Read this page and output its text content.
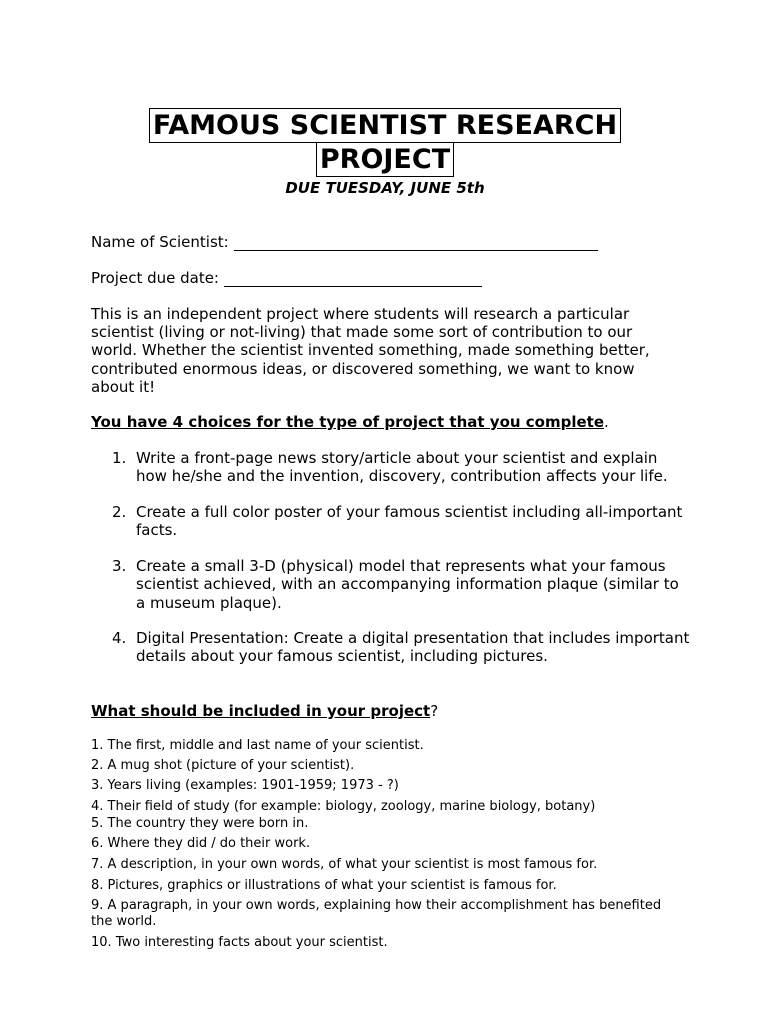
FAMOUS SCIENTIST RESEARCH
PROJECT
DUE TUESDAY, JUNE 5th
Name of Scientist:
Project due date:
This is an independent project where students will research a particular scientist (living or not-living) that made some sort of contribution to our world. Whether the scientist invented something, made something better, contributed enormous ideas, or discovered something, we want to know about it!
You have 4 choices for the type of project that you complete.
1. Write a front-page news story/article about your scientist and explain how he/she and the invention, discovery, contribution affects your life.
2. Create a full color poster of your famous scientist including all-important facts.
3. Create a small 3-D (physical) model that represents what your famous scientist achieved, with an accompanying information plaque (similar to a museum plaque).
4. Digital Presentation: Create a digital presentation that includes important details about your famous scientist, including pictures.
What should be included in your project?
1. The first, middle and last name of your scientist.
2. A mug shot (picture of your scientist).
3. Years living (examples: 1901-1959; 1973 - ?)
4. Their field of study (for example: biology, zoology, marine biology, botany)
5. The country they were born in.
6. Where they did / do their work.
7. A description, in your own words, of what your scientist is most famous for.
8. Pictures, graphics or illustrations of what your scientist is famous for.
9. A paragraph, in your own words, explaining how their accomplishment has benefited the world.
10. Two interesting facts about your scientist.
